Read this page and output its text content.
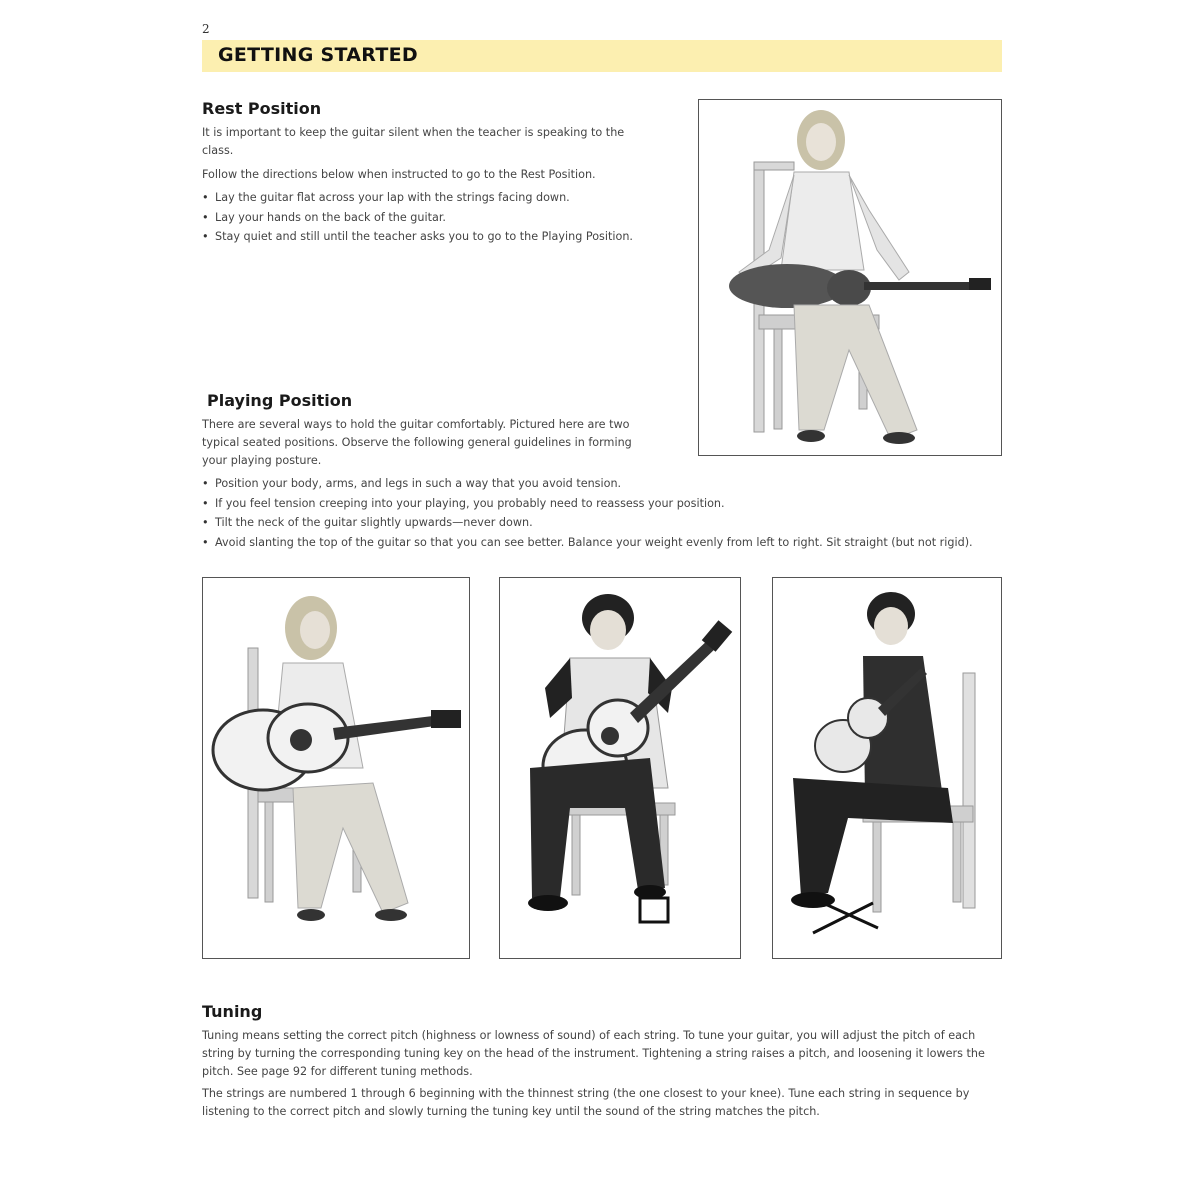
2
GETTING STARTED
Rest Position

It is important to keep the guitar silent when the teacher is speaking to the class.

Follow the directions below when instructed to go to the Rest Position.

• Lay the guitar flat across your lap with the strings facing down.
• Lay your hands on the back of the guitar.
• Stay quiet and still until the teacher asks you to go to the Playing Position.
Playing Position

There are several ways to hold the guitar comfortably. Pictured here are two typical seated positions. Observe the following general guidelines in forming your playing posture.

• Position your body, arms, and legs in such a way that you avoid tension.
• If you feel tension creeping into your playing, you probably need to reassess your position.
• Tilt the neck of the guitar slightly upwards—never down.
• Avoid slanting the top of the guitar so that you can see better. Balance your weight evenly from left to right. Sit straight (but not rigid).
Tuning

Tuning means setting the correct pitch (highness or lowness of sound) of each string. To tune your guitar, you will adjust the pitch of each string by turning the corresponding tuning key on the head of the instrument. Tightening a string raises a pitch, and loosening it lowers the pitch. See page 92 for different tuning methods.

The strings are numbered 1 through 6 beginning with the thinnest string (the one closest to your knee). Tune each string in sequence by listening to the correct pitch and slowly turning the tuning key until the sound of the string matches the pitch.
